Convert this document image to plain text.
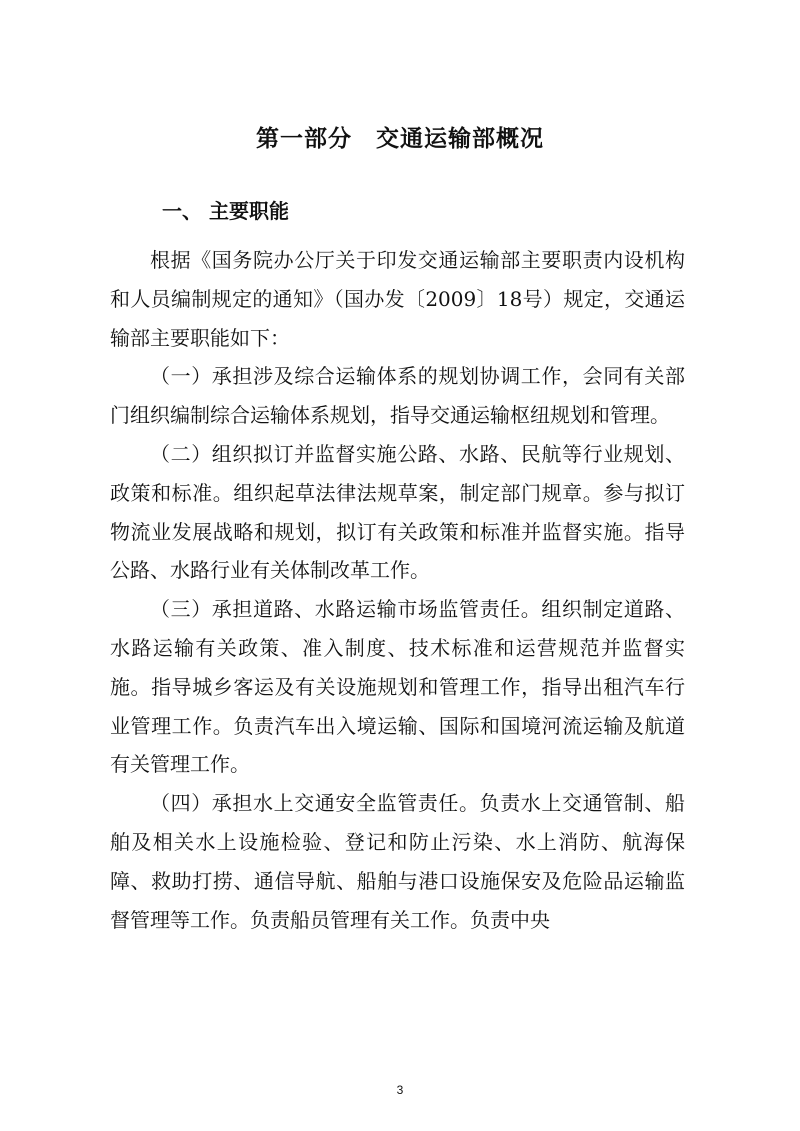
第一部分　交通运输部概况
一、 主要职能

根据《国务院办公厅关于印发交通运输部主要职责内设机构和人员编制规定的通知》（国办发〔2009〕18号）规定，交通运输部主要职能如下：

（一）承担涉及综合运输体系的规划协调工作，会同有关部门组织编制综合运输体系规划，指导交通运输枢纽规划和管理。

（二）组织拟订并监督实施公路、水路、民航等行业规划、政策和标准。组织起草法律法规草案，制定部门规章。参与拟订物流业发展战略和规划，拟订有关政策和标准并监督实施。指导公路、水路行业有关体制改革工作。

（三）承担道路、水路运输市场监管责任。组织制定道路、水路运输有关政策、准入制度、技术标准和运营规范并监督实施。指导城乡客运及有关设施规划和管理工作，指导出租汽车行业管理工作。负责汽车出入境运输、国际和国境河流运输及航道有关管理工作。

（四）承担水上交通安全监管责任。负责水上交通管制、船舶及相关水上设施检验、登记和防止污染、水上消防、航海保障、救助打捞、通信导航、船舶与港口设施保安及危险品运输监督管理等工作。负责船员管理有关工作。负责中央

3
